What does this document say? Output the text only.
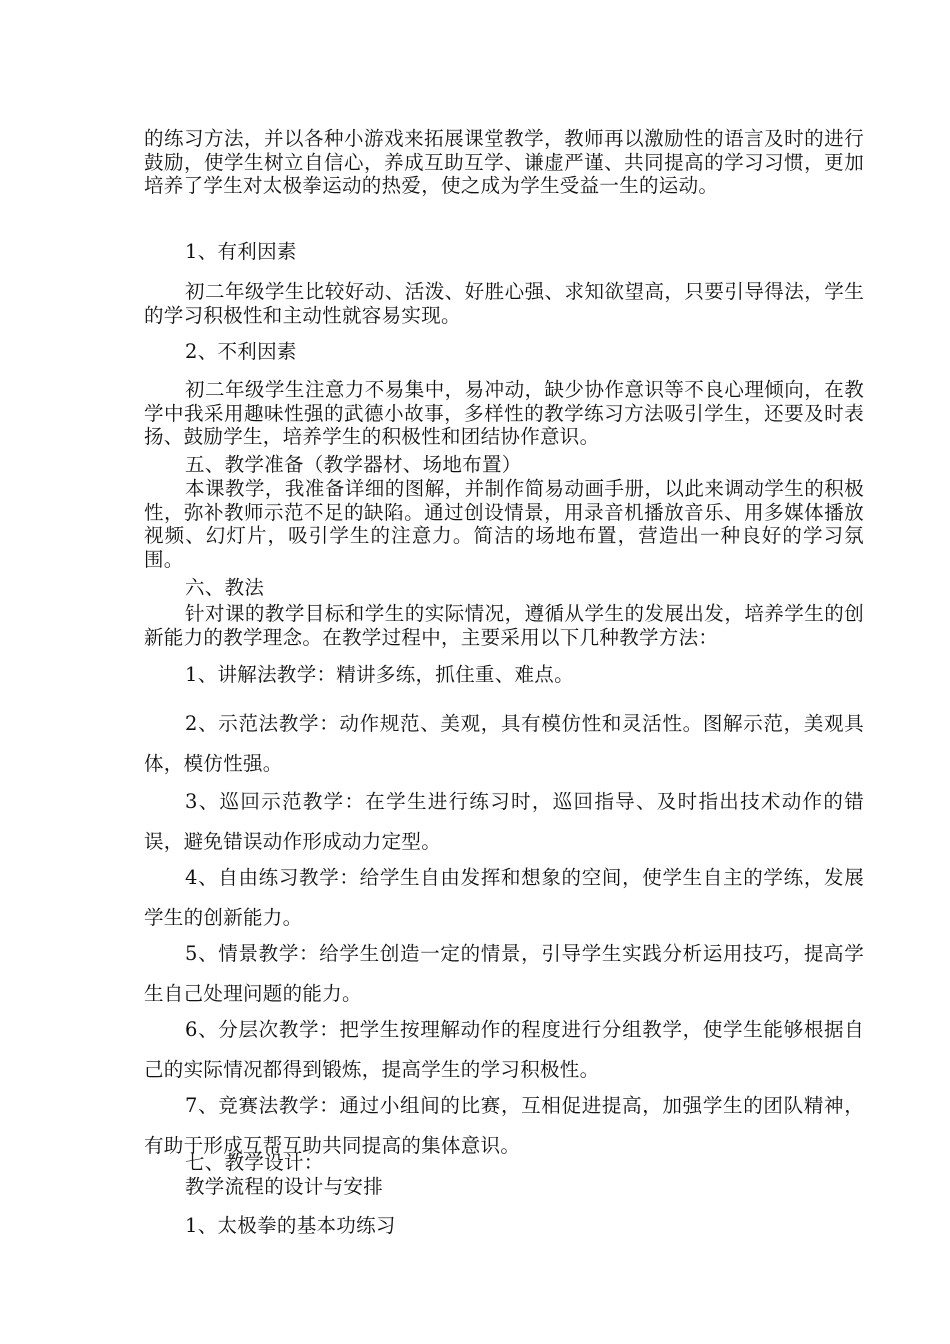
的练习方法，并以各种小游戏来拓展课堂教学，教师再以激励性的语言及时的进行鼓励，使学生树立自信心，养成互助互学、谦虚严谨、共同提高的学习习惯，更加培养了学生对太极拳运动的热爱，使之成为学生受益一生的运动。
1、有利因素
初二年级学生比较好动、活泼、好胜心强、求知欲望高，只要引导得法，学生的学习积极性和主动性就容易实现。
2、不利因素
初二年级学生注意力不易集中，易冲动，缺少协作意识等不良心理倾向，在教学中我采用趣味性强的武德小故事，多样性的教学练习方法吸引学生，还要及时表扬、鼓励学生，培养学生的积极性和团结协作意识。
五、教学准备（教学器材、场地布置）
本课教学，我准备详细的图解，并制作简易动画手册，以此来调动学生的积极性，弥补教师示范不足的缺陷。通过创设情景，用录音机播放音乐、用多媒体播放视频、幻灯片，吸引学生的注意力。简洁的场地布置，营造出一种良好的学习氛围。
六、教法
针对课的教学目标和学生的实际情况，遵循从学生的发展出发，培养学生的创新能力的教学理念。在教学过程中，主要采用以下几种教学方法：
1、讲解法教学：精讲多练，抓住重、难点。
2、示范法教学：动作规范、美观，具有模仿性和灵活性。图解示范，美观具体，模仿性强。
3、巡回示范教学：在学生进行练习时，巡回指导、及时指出技术动作的错误，避免错误动作形成动力定型。
4、自由练习教学：给学生自由发挥和想象的空间，使学生自主的学练，发展学生的创新能力。
5、情景教学：给学生创造一定的情景，引导学生实践分析运用技巧，提高学生自己处理问题的能力。
6、分层次教学：把学生按理解动作的程度进行分组教学，使学生能够根据自己的实际情况都得到锻炼，提高学生的学习积极性。
7、竞赛法教学：通过小组间的比赛，互相促进提高，加强学生的团队精神，有助于形成互帮互助共同提高的集体意识。
七、教学设计：
教学流程的设计与安排
1、太极拳的基本功练习
